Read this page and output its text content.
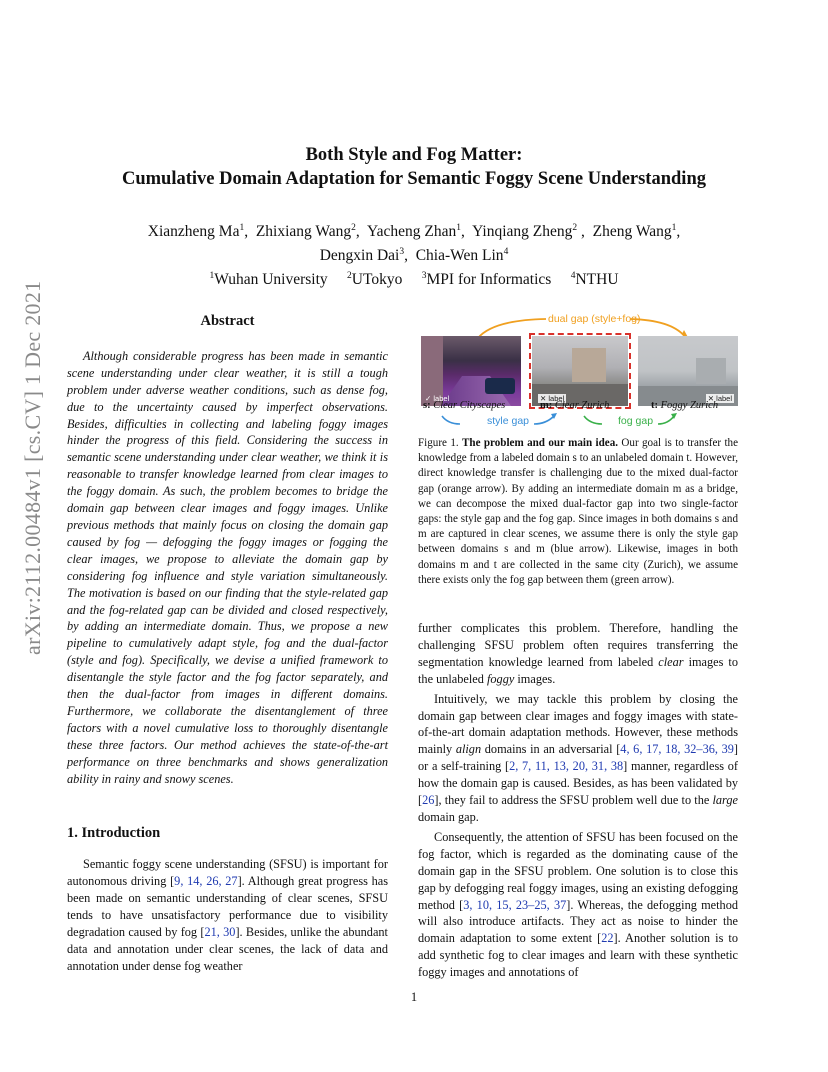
arXiv:2112.00484v1 [cs.CV] 1 Dec 2021
Both Style and Fog Matter:
Cumulative Domain Adaptation for Semantic Foggy Scene Understanding
Xianzheng Ma$^1$,  Zhixiang Wang$^2$,  Yacheng Zhan$^1$,  Yinqiang Zheng$^2$ ,  Zheng Wang$^1$,
Dengxin Dai$^3$,  Chia-Wen Lin$^4$
$^1$Wuhan University $^2$UTokyo $^3$MPI for Informatics $^4$NTHU
Abstract

Although considerable progress has been made in semantic scene understanding under clear weather, it is still a tough problem under adverse weather conditions, such as dense fog, due to the uncertainty caused by imperfect observations. Besides, difficulties in collecting and labeling foggy images hinder the progress of this field. Considering the success in semantic scene understanding under clear weather, we think it is reasonable to transfer knowledge learned from clear images to the foggy domain. As such, the problem becomes to bridge the domain gap between clear images and foggy images. Unlike previous methods that mainly focus on closing the domain gap caused by fog — defogging the foggy images or fogging the clear images, we propose to alleviate the domain gap by considering fog influence and style variation simultaneously. The motivation is based on our finding that the style-related gap and the fog-related gap can be divided and closed respectively, by adding an intermediate domain. Thus, we propose a new pipeline to cumulatively adapt style, fog and the dual-factor (style and fog). Specifically, we devise a unified framework to disentangle the style factor and the fog factor separately, and then the dual-factor from images in different domains. Furthermore, we collaborate the disentanglement of three factors with a novel cumulative loss to thoroughly disentangle these three factors. Our method achieves the state-of-the-art performance on three benchmarks and shows generalization ability in rainy and snowy scenes.

1. Introduction

Semantic foggy scene understanding (SFSU) is important for autonomous driving [9, 14, 26, 27]. Although great progress has been made on semantic understanding of clear scenes, SFSU tends to have unsatisfactory performance due to visibility degradation caused by fog [21, 30]. Besides, unlike the abundant data and annotation under clear scenes, the lack of data and annotation under dense fog weather

dual gap (style+fog)
✓ label	✕ label	✕ label
s: Clear Cityscapes	m: Clear Zurich	t: Foggy Zurich
style gap	fog gap
Figure 1. The problem and our main idea. Our goal is to transfer the knowledge from a labeled domain s to an unlabeled domain t. However, direct knowledge transfer is challenging due to the mixed dual-factor gap (orange arrow). By adding an intermediate domain m as a bridge, we can decompose the mixed dual-factor gap into two single-factor gaps: the style gap and the fog gap. Since images in both domains s and m are captured in clear scenes, we assume there is only the style gap between domains s and m (blue arrow). Likewise, images in both domains m and t are collected in the same city (Zurich), we assume there exists only the fog gap between them (green arrow).

further complicates this problem. Therefore, handling the challenging SFSU problem often requires transferring the segmentation knowledge learned from labeled clear images to the unlabeled foggy images.

Intuitively, we may tackle this problem by closing the domain gap between clear images and foggy images with state-of-the-art domain adaptation methods. However, these methods mainly align domains in an adversarial [4, 6, 17, 18, 32–36, 39] or a self-training [2, 7, 11, 13, 20, 31, 38] manner, regardless of how the domain gap is caused. Besides, as has been validated by [26], they fail to address the SFSU problem well due to the large domain gap.

Consequently, the attention of SFSU has been focused on the fog factor, which is regarded as the dominating cause of the domain gap in the SFSU problem. One solution is to close this gap by defogging real foggy images, using an existing defogging method [3, 10, 15, 23–25, 37]. Whereas, the defogging method will also introduce artifacts. They act as noise to hinder the domain adaptation to some extent [22]. Another solution is to add synthetic fog to clear images and learn with these synthetic foggy images and annotations of

1
